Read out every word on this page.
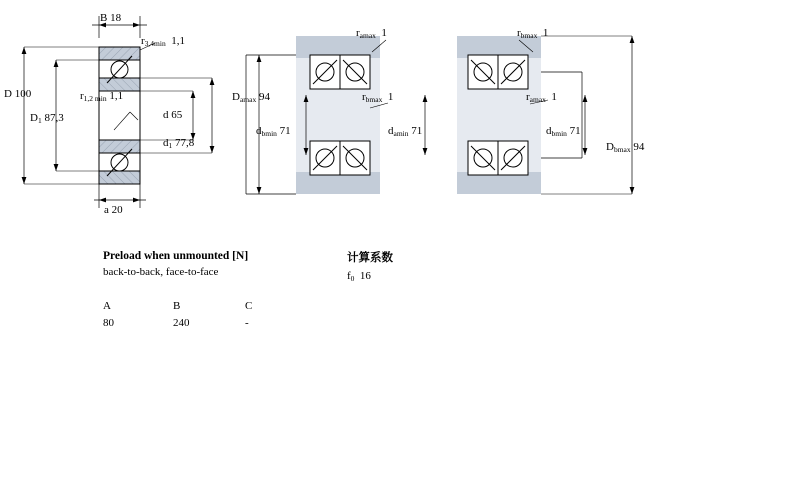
B 18
$r_{3,4min}$ 1,1
D 100	$r_{1,2 min}$ 1,1
$D_1$ 87,3	d 65
$d_1$ 77,8
a 20
$r_{amax}$ 1
$D_{amax}$ 94	$r_{bmax}$ 1
$d_{bmin}$ 71
$r_{bmax}$ 1
$r_{amax}$ 1
$d_{amin}$ 71	$d_{bmin}$ 71
$D_{bmax}$ 94
Preload when unmounted [N]
back-to-back, face-to-face
A	B	C
80	240	-
计算系数
$f_0$ 16
